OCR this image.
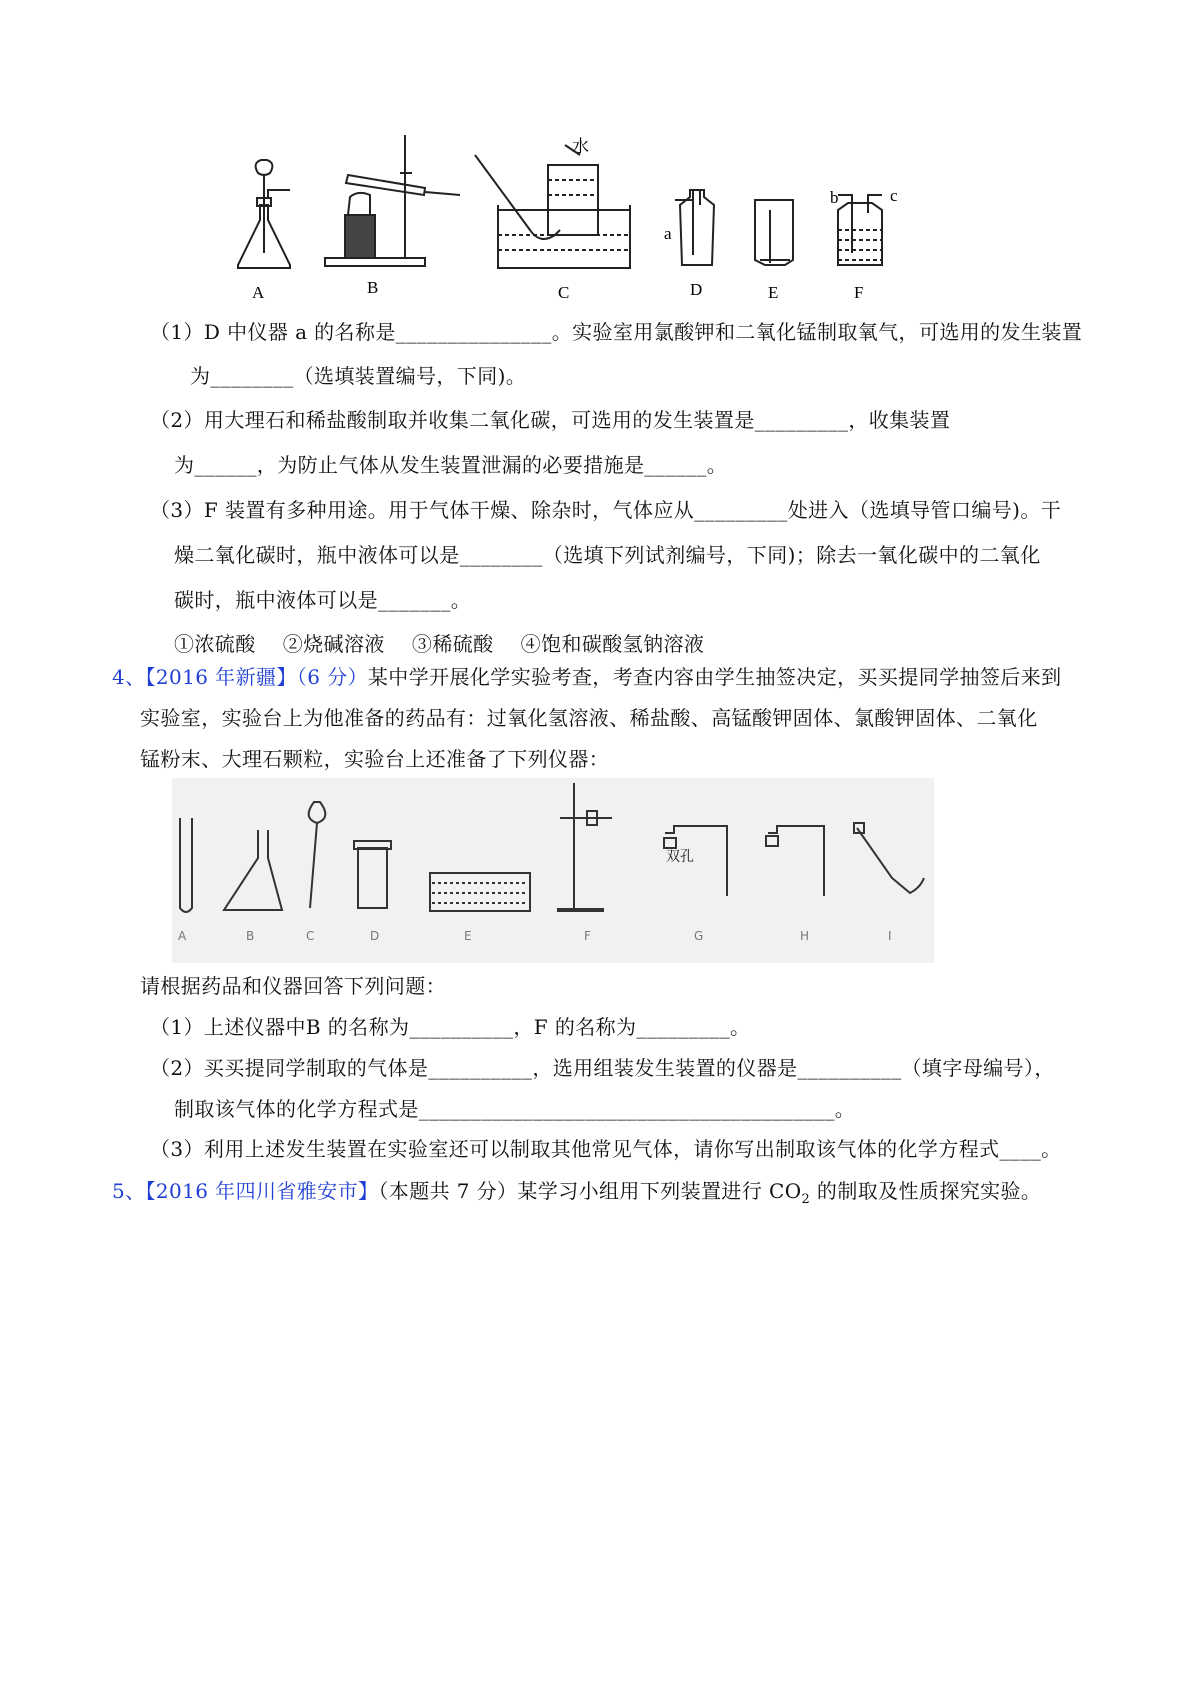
A	B	C	D	E	F
水
a
b	c
（1）D 中仪器 a 的名称是_______________。实验室用氯酸钾和二氧化锰制取氧气，可选用的发生装置
为________（选填装置编号，下同)。
（2）用大理石和稀盐酸制取并收集二氧化碳，可选用的发生装置是_________，收集装置
为______，为防止气体从发生装置泄漏的必要措施是______。
（3）F 装置有多种用途。用于气体干燥、除杂时，气体应从_________处进入（选填导管口编号)。干
燥二氧化碳时，瓶中液体可以是________（选填下列试剂编号，下同)；除去一氧化碳中的二氧化
碳时，瓶中液体可以是_______。
①浓硫酸　 ②烧碱溶液　 ③稀硫酸　 ④饱和碳酸氢钠溶液
4、【2016 年新疆】（6 分）某中学开展化学实验考查，考查内容由学生抽签决定，买买提同学抽签后来到
实验室，实验台上为他准备的药品有：过氧化氢溶液、稀盐酸、高锰酸钾固体、氯酸钾固体、二氧化
锰粉末、大理石颗粒，实验台上还准备了下列仪器：
双孔
A	B	C	D	E	F	G	H	I
请根据药品和仪器回答下列问题：
（1）上述仪器中B 的名称为__________，F 的名称为_________。
（2）买买提同学制取的气体是__________，选用组装发生装置的仪器是__________（填字母编号），
制取该气体的化学方程式是________________________________________。
（3）利用上述发生装置在实验室还可以制取其他常见气体，请你写出制取该气体的化学方程式____。
5、【2016 年四川省雅安市】（本题共 7 分）某学习小组用下列装置进行 $CO_2$ 的制取及性质探究实验。
